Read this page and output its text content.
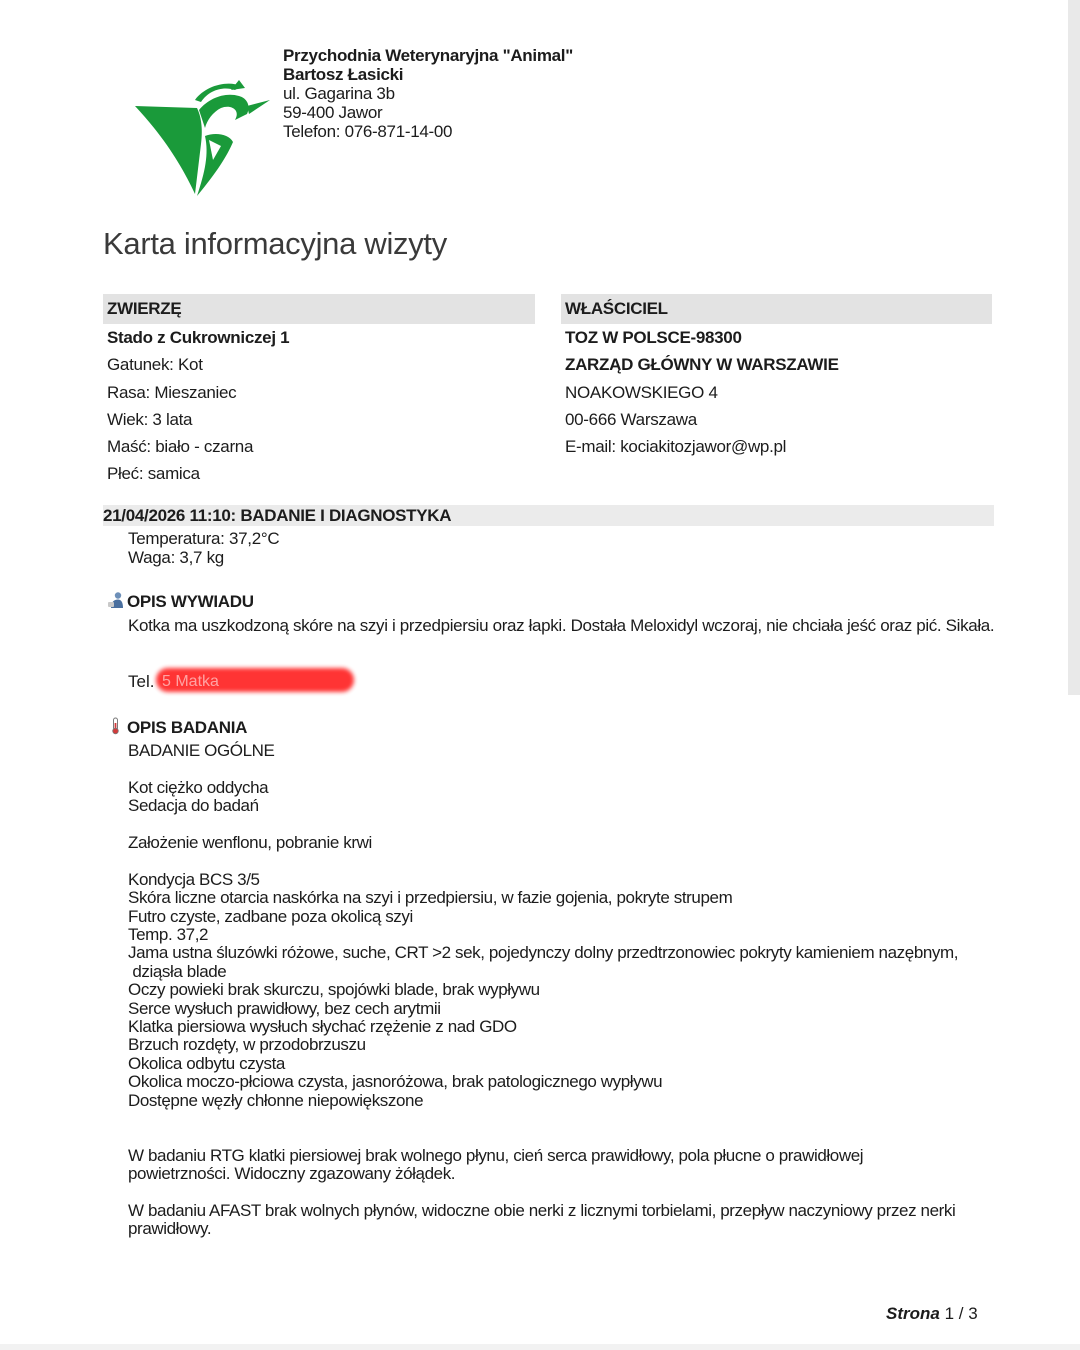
Przychodnia Weterynaryjna "Animal"
Bartosz Łasicki
ul. Gagarina 3b
59-400 Jawor
Telefon: 076-871-14-00
Karta informacyjna wizyty
ZWIERZĘ
Stado z Cukrowniczej 1
Gatunek: Kot
Rasa: Mieszaniec
Wiek: 3 lata
Maść: biało - czarna
Płeć: samica
WŁAŚCICIEL
TOZ W POLSCE-98300
ZARZĄD GŁÓWNY W WARSZAWIE
NOAKOWSKIEGO 4
00-666 Warszawa
E-mail: kociakitozjawor@wp.pl
21/04/2026 11:10: BADANIE I DIAGNOSTYKA
Temperatura: 37,2°C
Waga: 3,7 kg
OPIS WYWIADU
Kotka ma uszkodzoną skóre na szyi i przedpiersiu oraz łapki. Dostała Meloxidyl wczoraj, nie chciała jeść oraz pić. Sikała.
Tel. 5 Matka
OPIS BADANIA
BADANIE OGÓLNE
Kot ciężko oddycha
Sedacja do badań
Założenie wenflonu, pobranie krwi
Kondycja BCS 3/5
Skóra liczne otarcia naskórka na szyi i przedpiersiu, w fazie gojenia, pokryte strupem
Futro czyste, zadbane poza okolicą szyi
Temp. 37,2
Jama ustna śluzówki różowe, suche, CRT >2 sek, pojedynczy dolny przedtrzonowiec pokryty kamieniem nazębnym,
dziąsła blade
Oczy powieki brak skurczu, spojówki blade, brak wypływu
Serce wysłuch prawidłowy, bez cech arytmii
Klatka piersiowa wysłuch słychać rzężenie z nad GDO
Brzuch rozdęty, w przodobrzuszu
Okolica odbytu czysta
Okolica moczo-płciowa czysta, jasnoróżowa, brak patologicznego wypływu
Dostępne węzły chłonne niepowiększone
W badaniu RTG klatki piersiowej brak wolnego płynu, cień serca prawidłowy, pola płucne o prawidłowej
powietrzności. Widoczny zgazowany żółądek.
W badaniu AFAST brak wolnych płynów, widoczne obie nerki z licznymi torbielami, przepływ naczyniowy przez nerki
prawidłowy.
Strona 1 / 3
